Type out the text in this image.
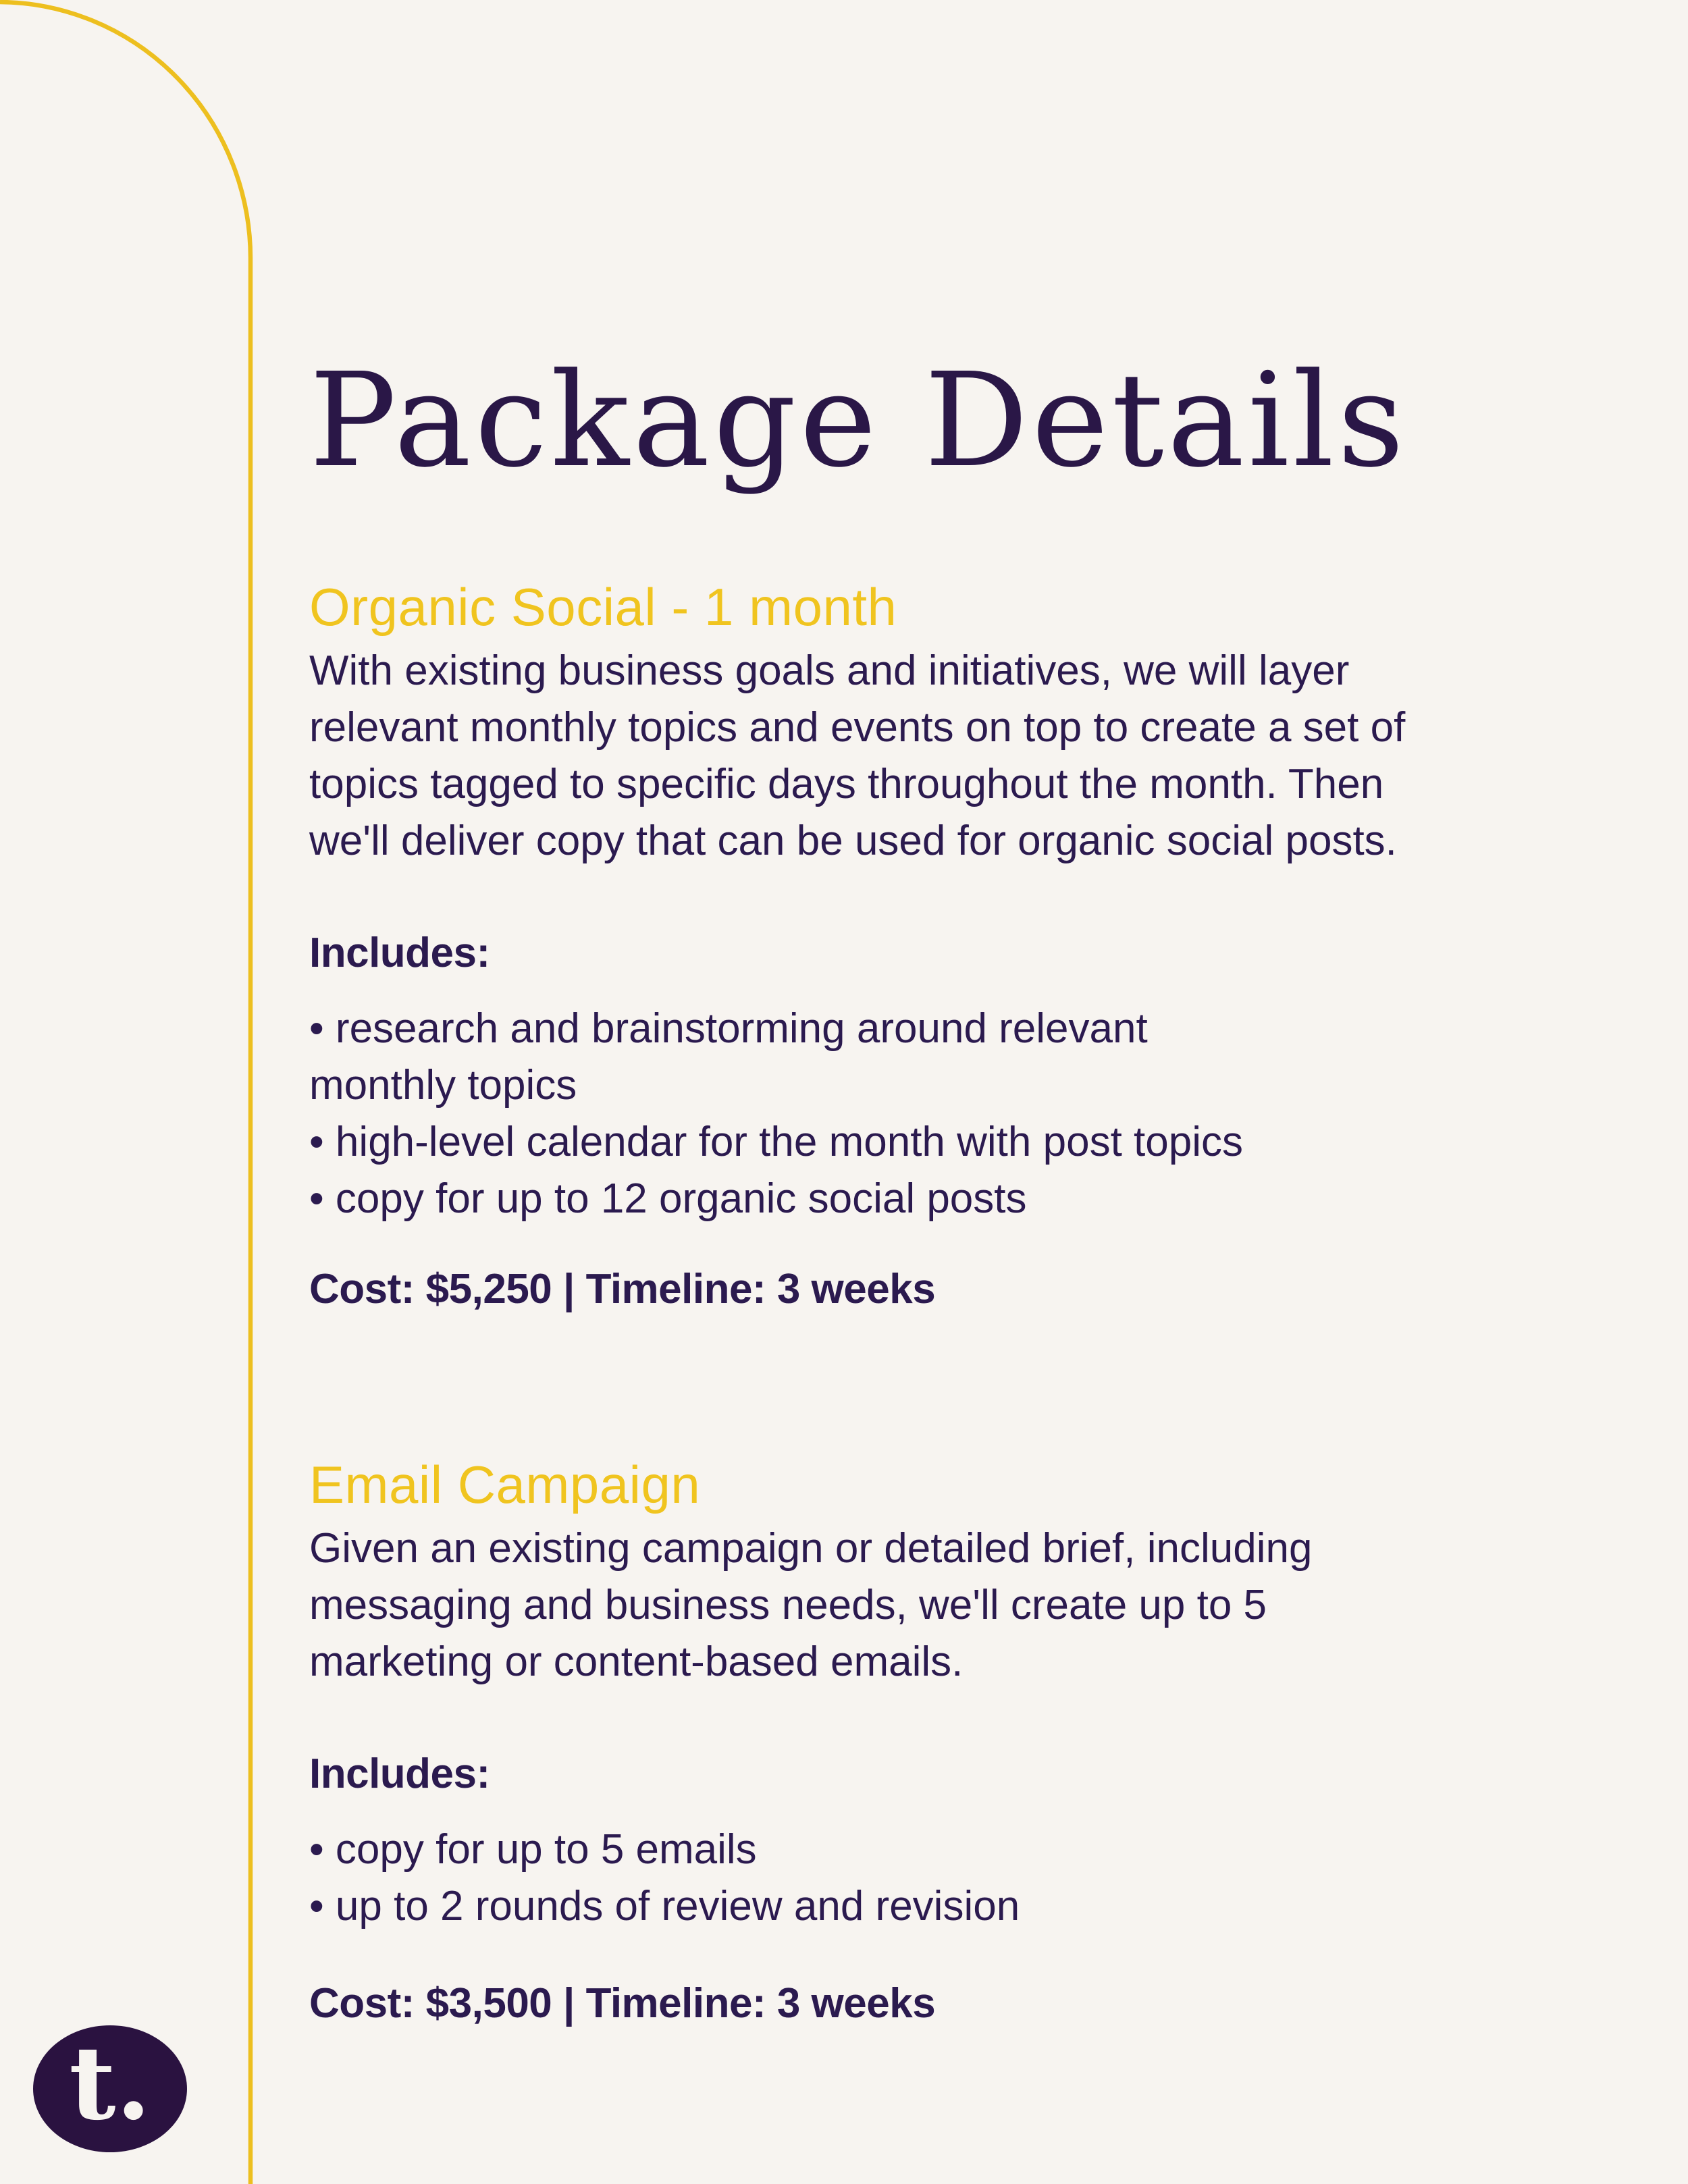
Package Details
Organic Social - 1 month
With existing business goals and initiatives, we will layer
relevant monthly topics and events on top to create a set of
topics tagged to specific days throughout the month. Then
we'll deliver copy that can be used for organic social posts.
Includes:
• research and brainstorming around relevant
monthly topics
• high-level calendar for the month with post topics
• copy for up to 12 organic social posts
Cost: $5,250 | Timeline: 3 weeks
Email Campaign
Given an existing campaign or detailed brief, including
messaging and business needs, we'll create up to 5
marketing or content-based emails.
Includes:
• copy for up to 5 emails
• up to 2 rounds of review and revision
Cost: $3,500 | Timeline: 3 weeks
t.
